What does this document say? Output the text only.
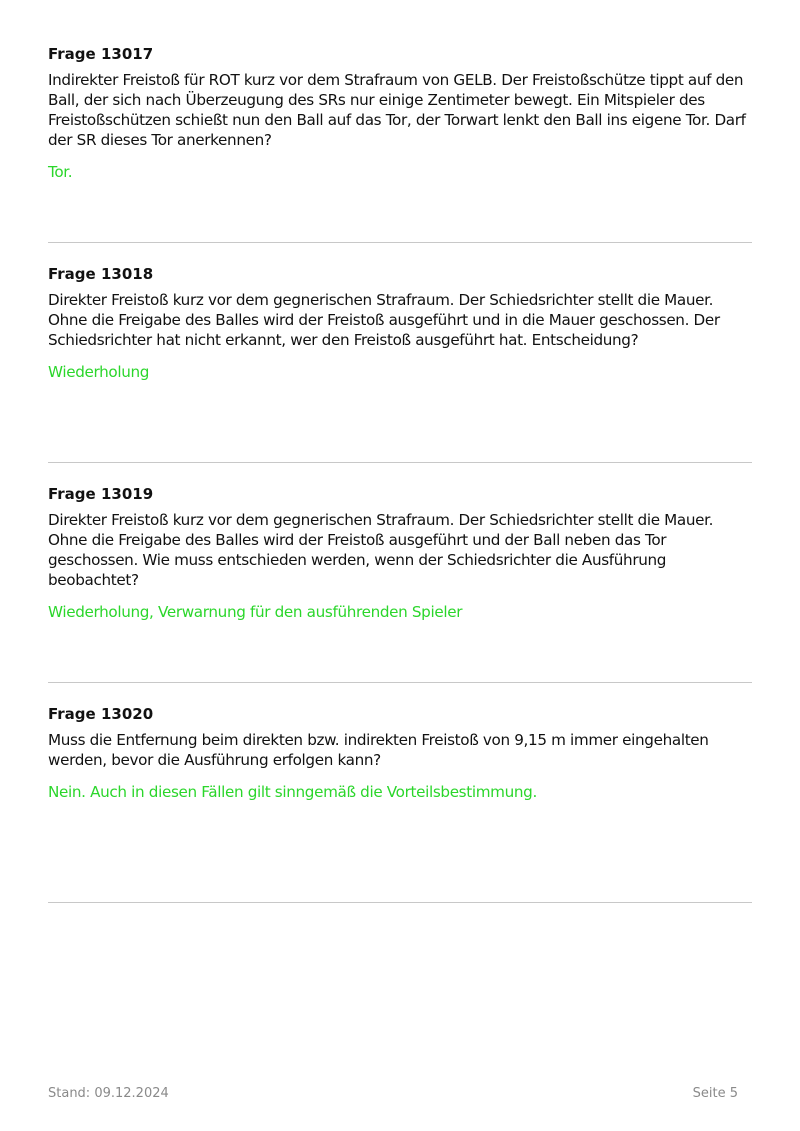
Frage 13017

Indirekter Freistoß für ROT kurz vor dem Strafraum von GELB. Der Freistoßschütze tippt auf den Ball, der sich nach Überzeugung des SRs nur einige Zentimeter bewegt. Ein Mitspieler des Freistoßschützen schießt nun den Ball auf das Tor, der Torwart lenkt den Ball ins eigene Tor. Darf der SR dieses Tor anerkennen?

Tor.

Frage 13018

Direkter Freistoß kurz vor dem gegnerischen Strafraum. Der Schiedsrichter stellt die Mauer. Ohne die Freigabe des Balles wird der Freistoß ausgeführt und in die Mauer geschossen. Der Schiedsrichter hat nicht erkannt, wer den Freistoß ausgeführt hat. Entscheidung?

Wiederholung

Frage 13019

Direkter Freistoß kurz vor dem gegnerischen Strafraum. Der Schiedsrichter stellt die Mauer. Ohne die Freigabe des Balles wird der Freistoß ausgeführt und der Ball neben das Tor geschossen. Wie muss entschieden werden, wenn der Schiedsrichter die Ausführung beobachtet?

Wiederholung, Verwarnung für den ausführenden Spieler

Frage 13020

Muss die Entfernung beim direkten bzw. indirekten Freistoß von 9,15 m immer eingehalten werden, bevor die Ausführung erfolgen kann?

Nein. Auch in diesen Fällen gilt sinngemäß die Vorteilsbestimmung.

Stand: 09.12.2024	Seite 5
